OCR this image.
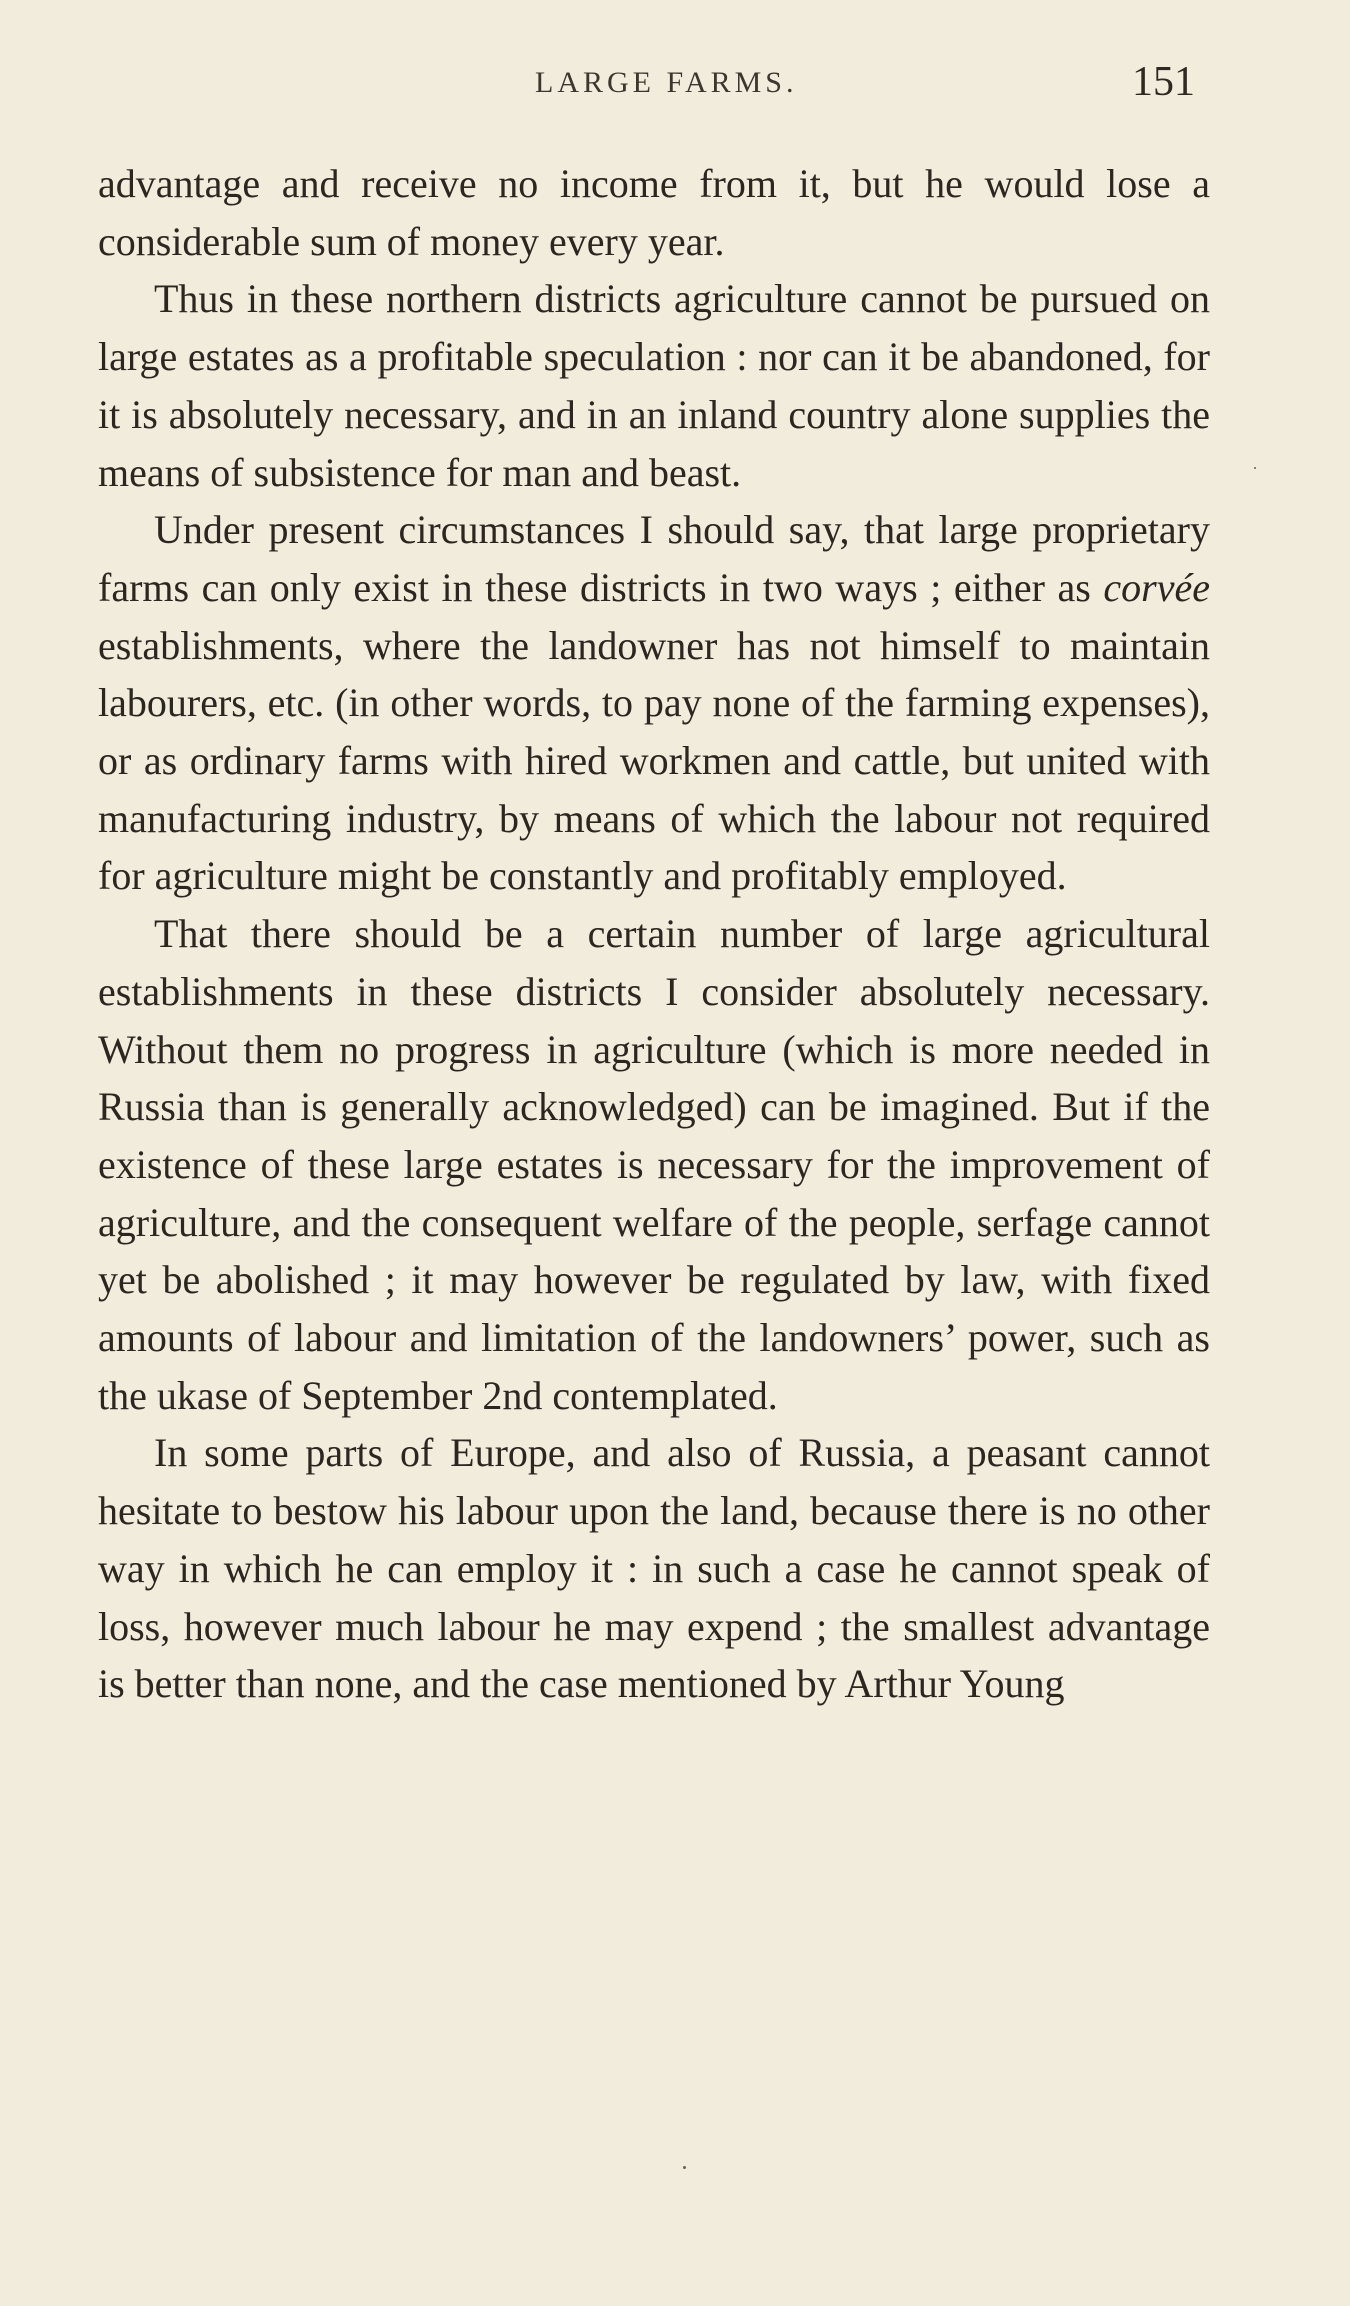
LARGE FARMS.	151

advantage and receive no income from it, but he would lose a considerable sum of money every year.

Thus in these northern districts agriculture cannot be pursued on large estates as a profitable speculation : nor can it be abandoned, for it is absolutely necessary, and in an inland country alone supplies the means of subsistence for man and beast.

Under present circumstances I should say, that large proprietary farms can only exist in these districts in two ways ; either as corvée establishments, where the landowner has not himself to maintain labourers, etc. (in other words, to pay none of the farming expenses), or as ordinary farms with hired workmen and cattle, but united with manufacturing industry, by means of which the labour not required for agriculture might be constantly and profitably employed.

That there should be a certain number of large agricultural establishments in these districts I consider absolutely necessary. Without them no progress in agriculture (which is more needed in Russia than is generally acknowledged) can be imagined. But if the existence of these large estates is necessary for the improvement of agriculture, and the consequent welfare of the people, serfage cannot yet be abolished ; it may however be regulated by law, with fixed amounts of labour and limitation of the landowners’ power, such as the ukase of September 2nd contemplated.

In some parts of Europe, and also of Russia, a peasant cannot hesitate to bestow his labour upon the land, because there is no other way in which he can employ it : in such a case he cannot speak of loss, however much labour he may expend ; the smallest advantage is better than none, and the case mentioned by Arthur Young
